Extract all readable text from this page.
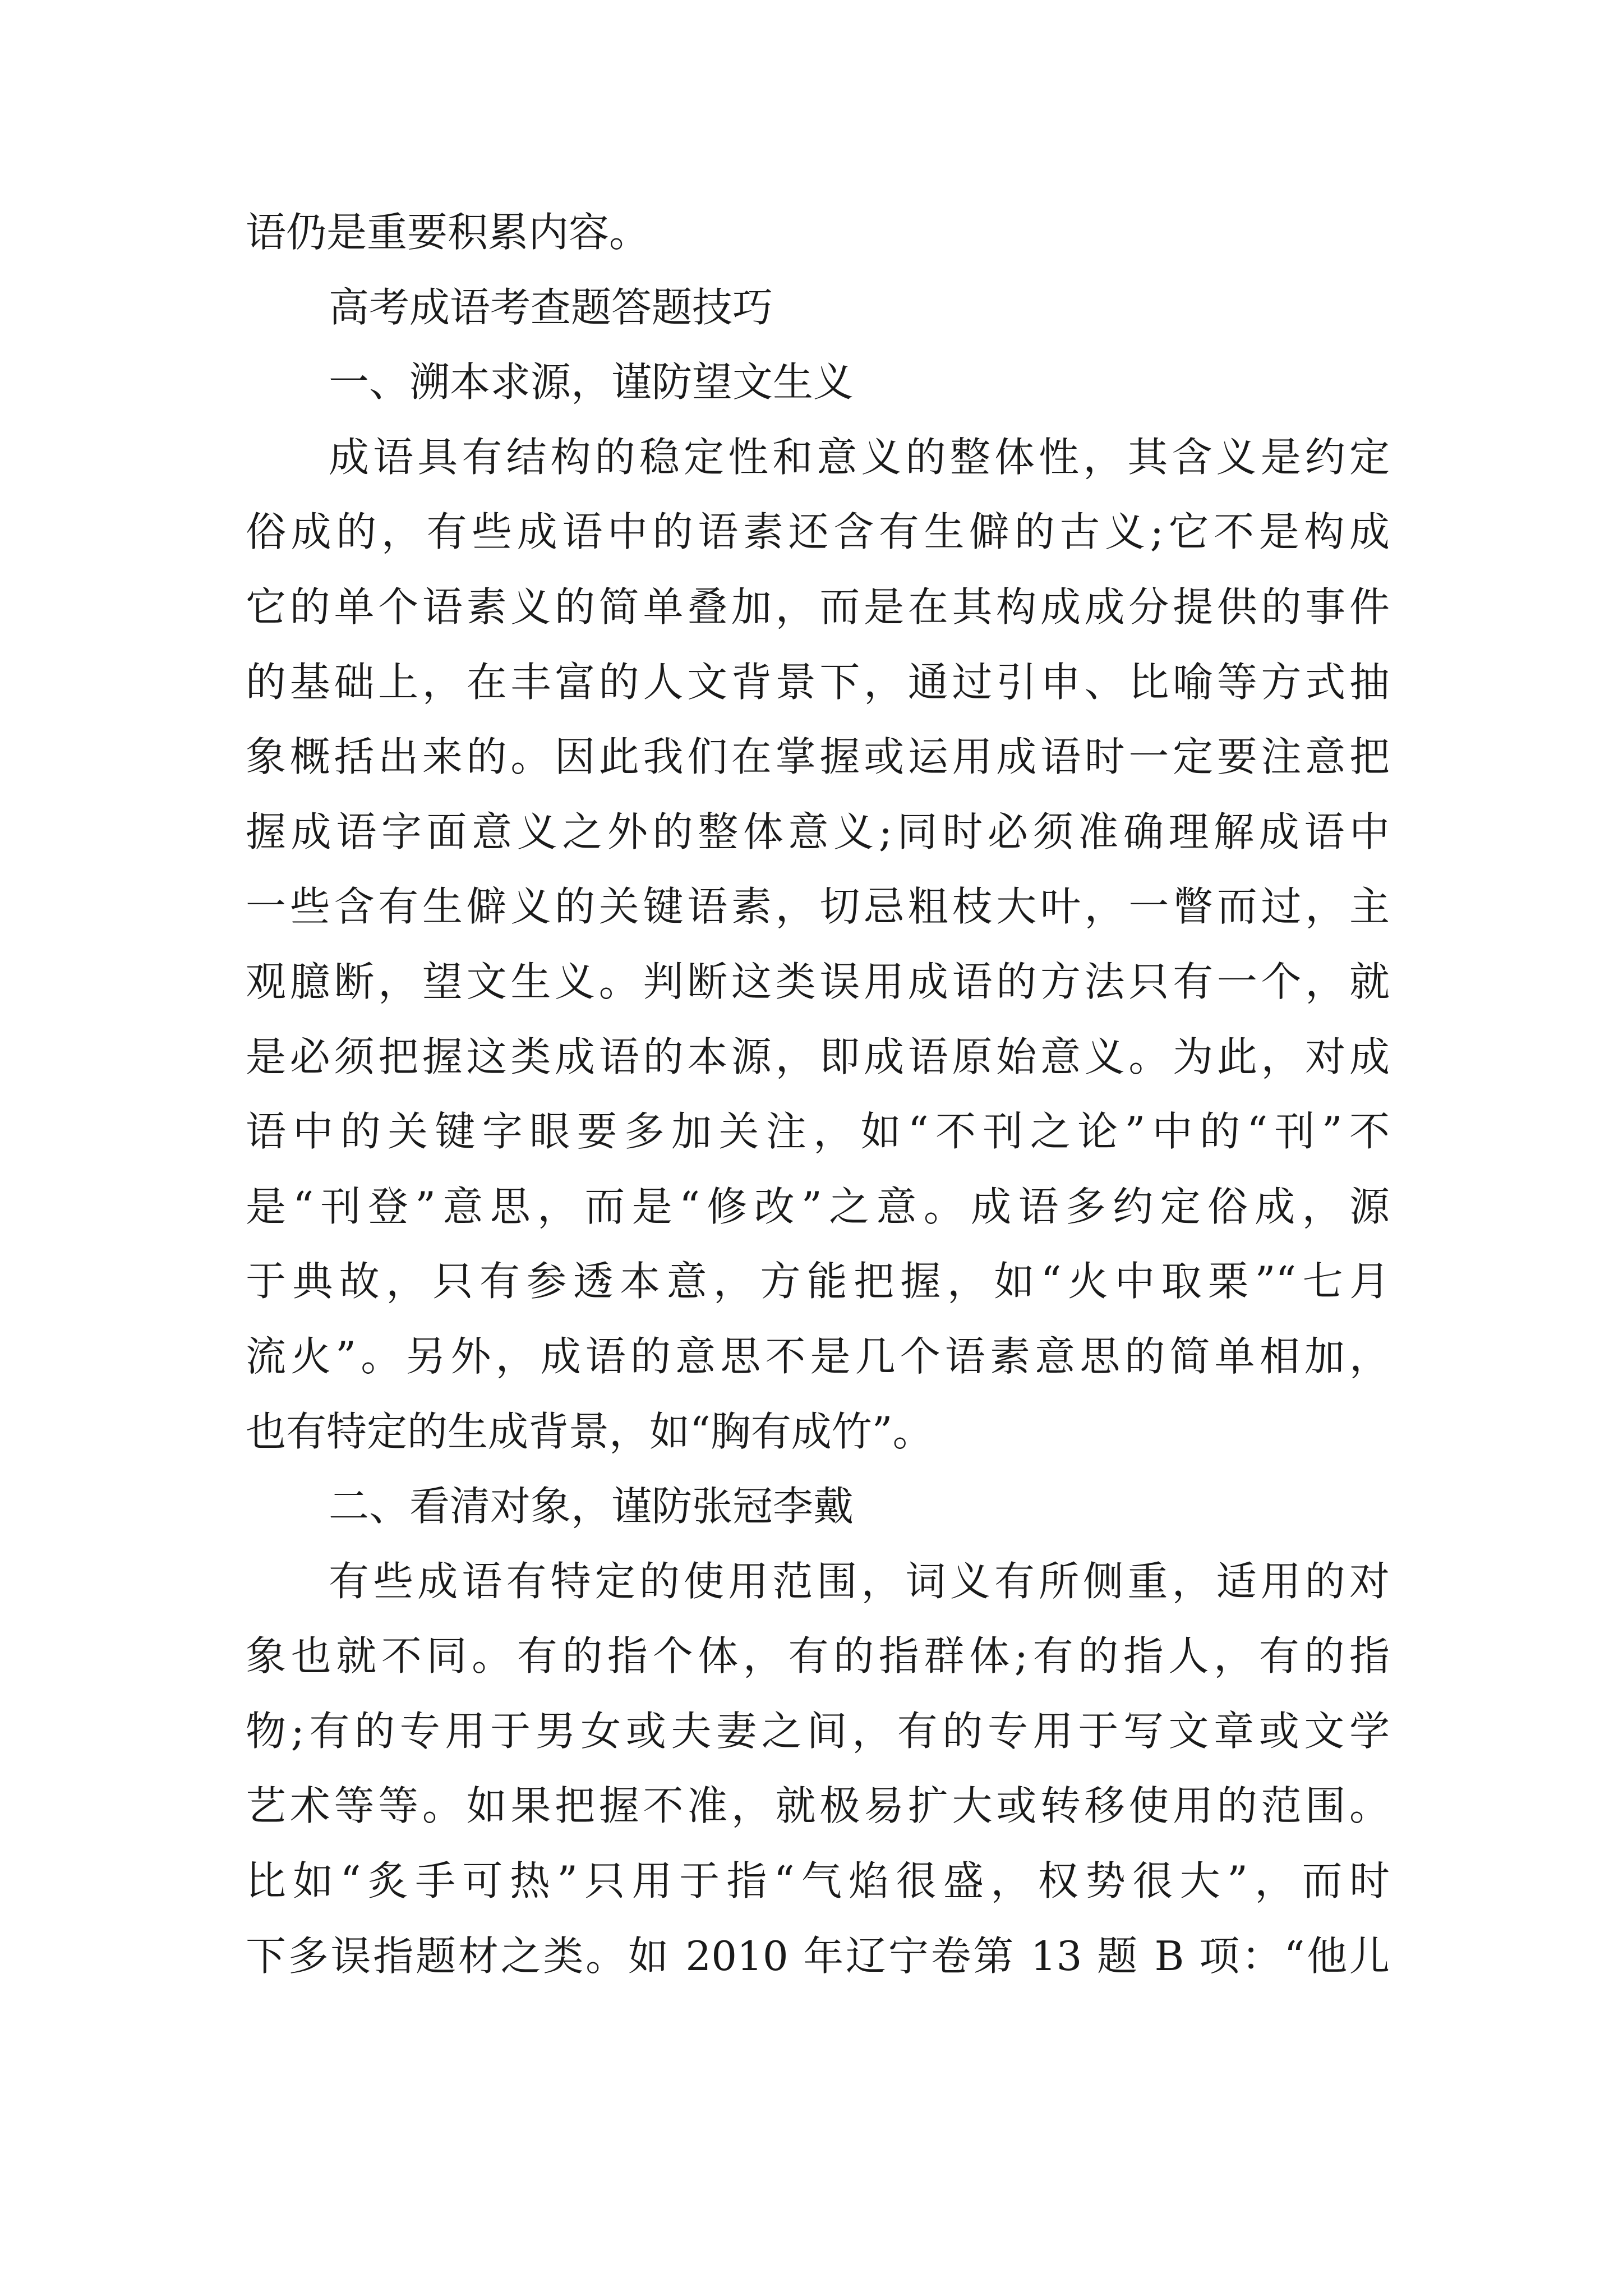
语仍是重要积累内容。
高考成语考查题答题技巧
一、溯本求源，谨防望文生义
成语具有结构的稳定性和意义的整体性，其含义是约定
俗成的，有些成语中的语素还含有生僻的古义;它不是构成
它的单个语素义的简单叠加，而是在其构成成分提供的事件
的基础上，在丰富的人文背景下，通过引申、比喻等方式抽
象概括出来的。因此我们在掌握或运用成语时一定要注意把
握成语字面意义之外的整体意义;同时必须准确理解成语中
一些含有生僻义的关键语素，切忌粗枝大叶，一瞥而过，主
观臆断，望文生义。判断这类误用成语的方法只有一个，就
是必须把握这类成语的本源，即成语原始意义。为此，对成
语中的关键字眼要多加关注，如“不刊之论”中的“刊”不
是“刊登”意思，而是“修改”之意。成语多约定俗成，源
于典故，只有参透本意，方能把握，如“火中取栗”“七月
流火”。另外，成语的意思不是几个语素意思的简单相加，
也有特定的生成背景，如“胸有成竹”。
二、看清对象，谨防张冠李戴
有些成语有特定的使用范围，词义有所侧重，适用的对
象也就不同。有的指个体，有的指群体;有的指人，有的指
物;有的专用于男女或夫妻之间，有的专用于写文章或文学
艺术等等。如果把握不准，就极易扩大或转移使用的范围。
比如“炙手可热”只用于指“气焰很盛，权势很大”，而时
下多误指题材之类。如 2010 年辽宁卷第 13 题 B 项：“他儿
